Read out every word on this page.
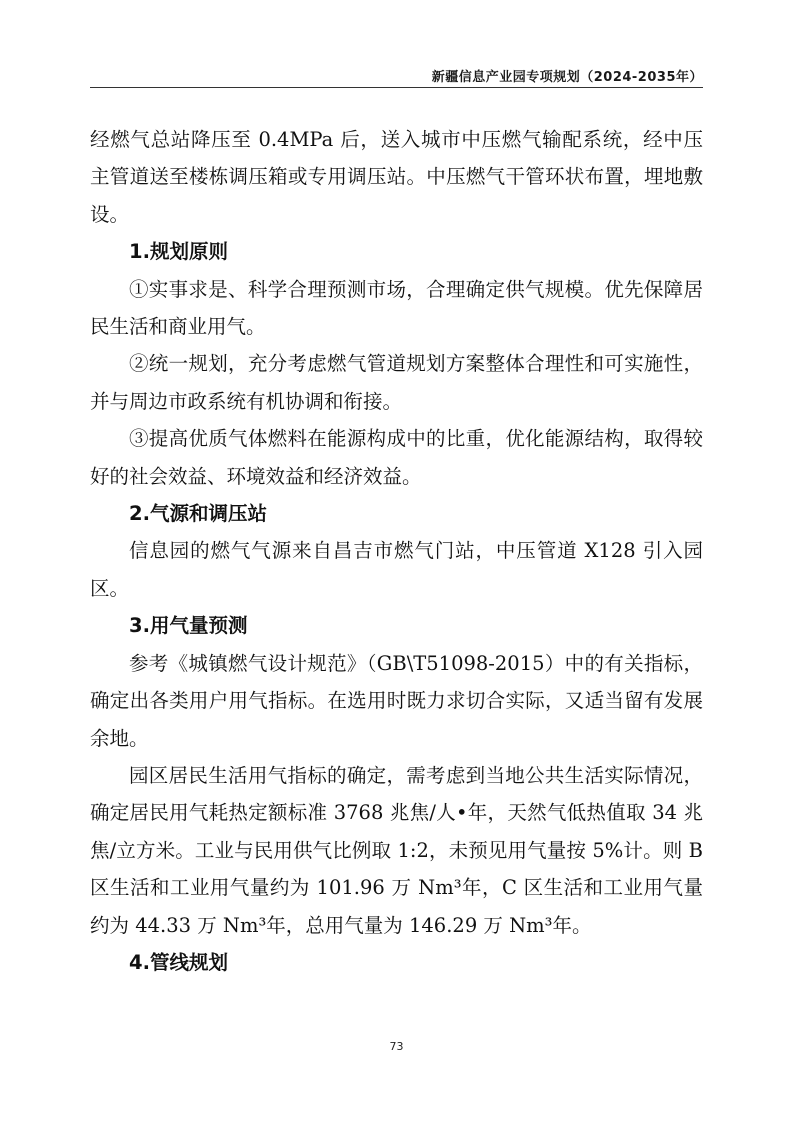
新疆信息产业园专项规划（2024-2035年）

经燃气总站降压至 0.4MPa 后，送入城市中压燃气输配系统，经中压主管道送至楼栋调压箱或专用调压站。中压燃气干管环状布置，埋地敷设。

1.规划原则

①实事求是、科学合理预测市场，合理确定供气规模。优先保障居民生活和商业用气。

②统一规划，充分考虑燃气管道规划方案整体合理性和可实施性，并与周边市政系统有机协调和衔接。

③提高优质气体燃料在能源构成中的比重，优化能源结构，取得较好的社会效益、环境效益和经济效益。

2.气源和调压站

信息园的燃气气源来自昌吉市燃气门站，中压管道 X128 引入园区。

3.用气量预测

参考《城镇燃气设计规范》（GB\T51098-2015）中的有关指标，确定出各类用户用气指标。在选用时既力求切合实际，又适当留有发展余地。

园区居民生活用气指标的确定，需考虑到当地公共生活实际情况，确定居民用气耗热定额标准 3768 兆焦/人•年，天然气低热值取 34 兆焦/立方米。工业与民用供气比例取 1:2，未预见用气量按 5%计。则 B 区生活和工业用气量约为 101.96 万 Nm³年，C 区生活和工业用气量约为 44.33 万 Nm³年，总用气量为 146.29 万 Nm³年。

4.管线规划

73
